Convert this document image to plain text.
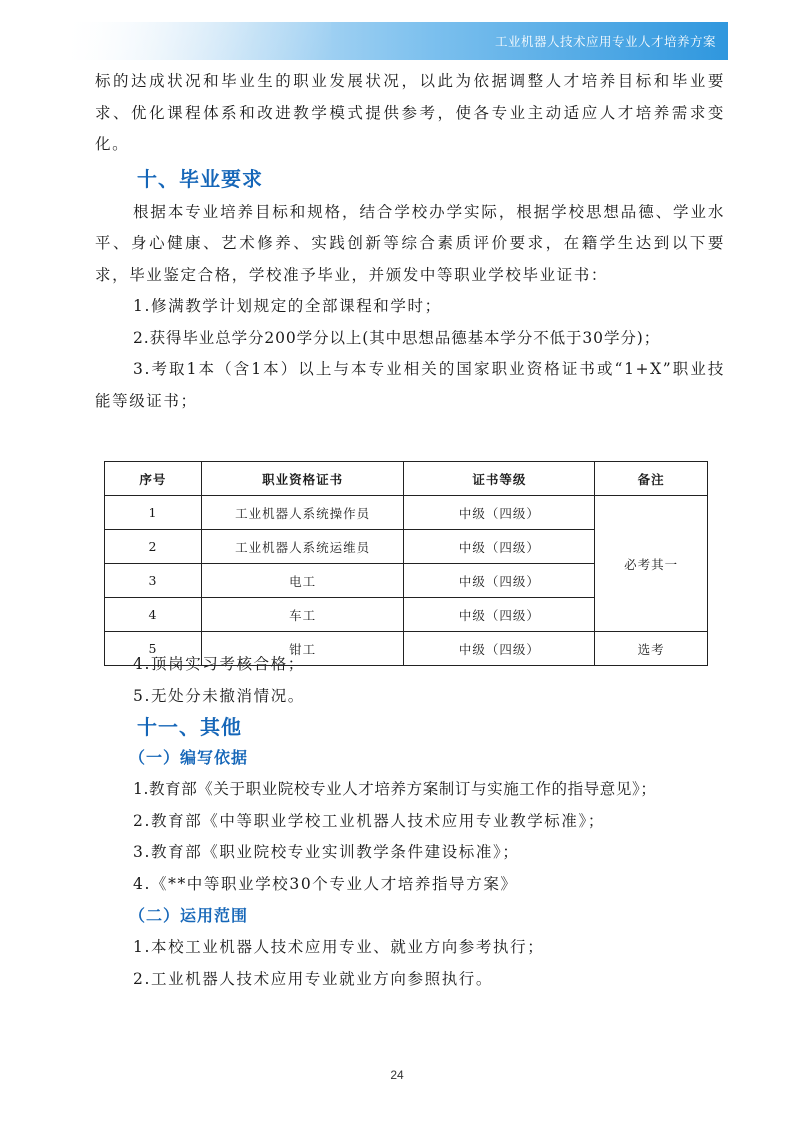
工业机器人技术应用专业人才培养方案

标的达成状况和毕业生的职业发展状况，以此为依据调整人才培养目标和毕业要求、优化课程体系和改进教学模式提供参考，使各专业主动适应人才培养需求变化。

十、毕业要求

根据本专业培养目标和规格，结合学校办学实际，根据学校思想品德、学业水平、身心健康、艺术修养、实践创新等综合素质评价要求，在籍学生达到以下要求，毕业鉴定合格，学校准予毕业，并颁发中等职业学校毕业证书：

1.修满教学计划规定的全部课程和学时；

2.获得毕业总学分200学分以上(其中思想品德基本学分不低于30学分)；

3.考取1本（含1本）以上与本专业相关的国家职业资格证书或“1+X”职业技能等级证书；

4.顶岗实习考核合格；

5.无处分未撤消情况。

十一、其他
（一）编写依据

1.教育部《关于职业院校专业人才培养方案制订与实施工作的指导意见》；

2.教育部《中等职业学校工业机器人技术应用专业教学标准》；

3.教育部《职业院校专业实训教学条件建设标准》；

4.《**中等职业学校30个专业人才培养指导方案》

（二）运用范围

1.本校工业机器人技术应用专业、就业方向参考执行；

2.工业机器人技术应用专业就业方向参照执行。

序号	职业资格证书	证书等级	备注
1	工业机器人系统操作员	中级（四级）	必考其一
2	工业机器人系统运维员	中级（四级）	
3	电工	中级（四级）	
4	车工	中级（四级）	
5	钳工	中级（四级）	选考
24
